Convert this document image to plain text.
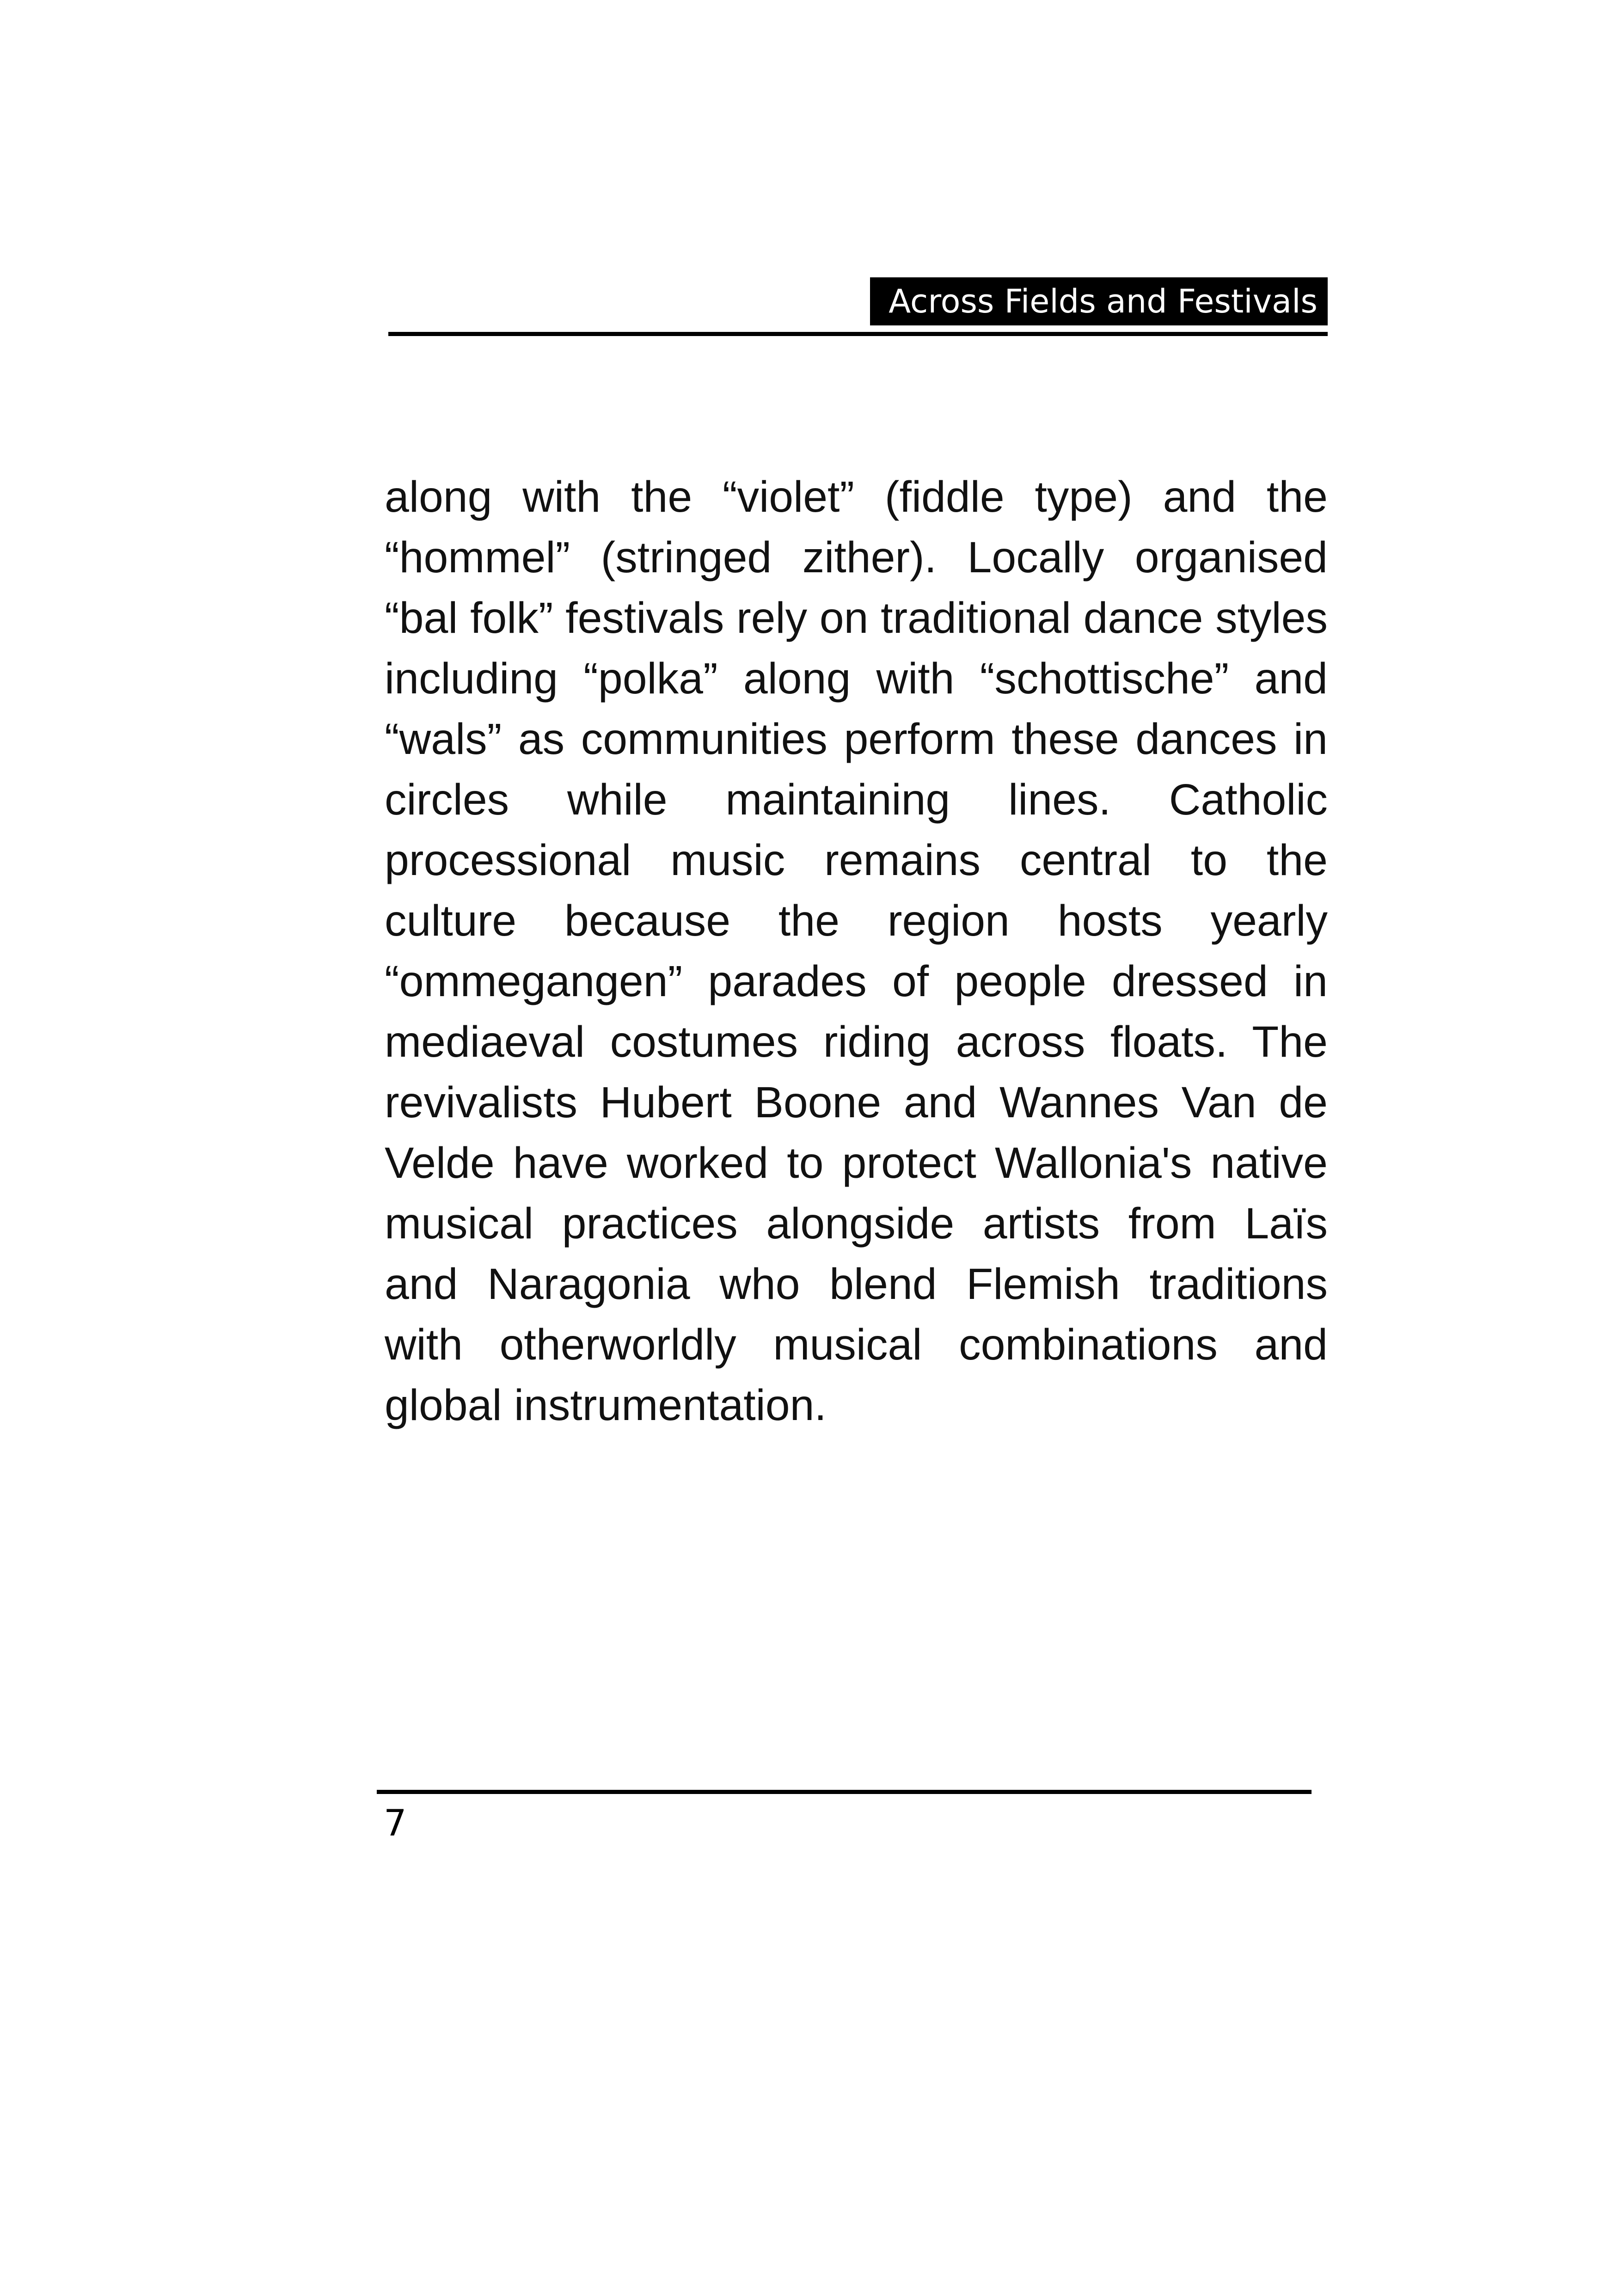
Across Fields and Festivals

along with the “violet” (fiddle type) and the “hommel” (stringed zither). Locally organised “bal folk” festivals rely on traditional dance styles including “polka” along with “schottische” and “wals” as communities perform these dances in circles while maintaining lines. Catholic processional music remains central to the culture because the region hosts yearly “ommegangen” parades of people dressed in mediaeval costumes riding across floats. The revivalists Hubert Boone and Wannes Van de Velde have worked to protect Wallonia's native musical practices alongside artists from Laïs and Naragonia who blend Flemish traditions with otherworldly musical combinations and global instrumentation.

7
